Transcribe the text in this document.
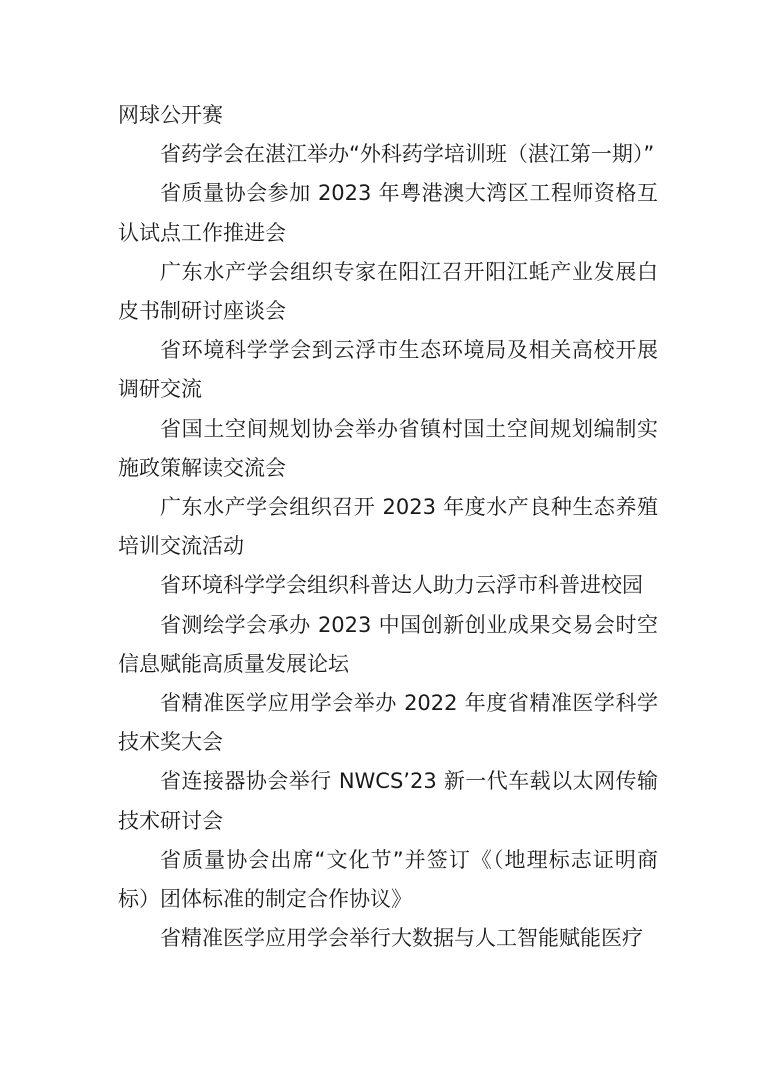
网球公开赛

省药学会在湛江举办“外科药学培训班（湛江第一期）”

省质量协会参加 2023 年粤港澳大湾区工程师资格互认试点工作推进会

广东水产学会组织专家在阳江召开阳江蚝产业发展白皮书制研讨座谈会

省环境科学学会到云浮市生态环境局及相关高校开展调研交流

省国土空间规划协会举办省镇村国土空间规划编制实施政策解读交流会

广东水产学会组织召开 2023 年度水产良种生态养殖培训交流活动

省环境科学学会组织科普达人助力云浮市科普进校园

省测绘学会承办 2023 中国创新创业成果交易会时空信息赋能高质量发展论坛

省精准医学应用学会举办 2022 年度省精准医学科学技术奖大会

省连接器协会举行 NWCS’23 新一代车载以太网传输技术研讨会

省质量协会出席“文化节”并签订《（地理标志证明商标）团体标准的制定合作协议》

省精准医学应用学会举行大数据与人工智能赋能医疗
